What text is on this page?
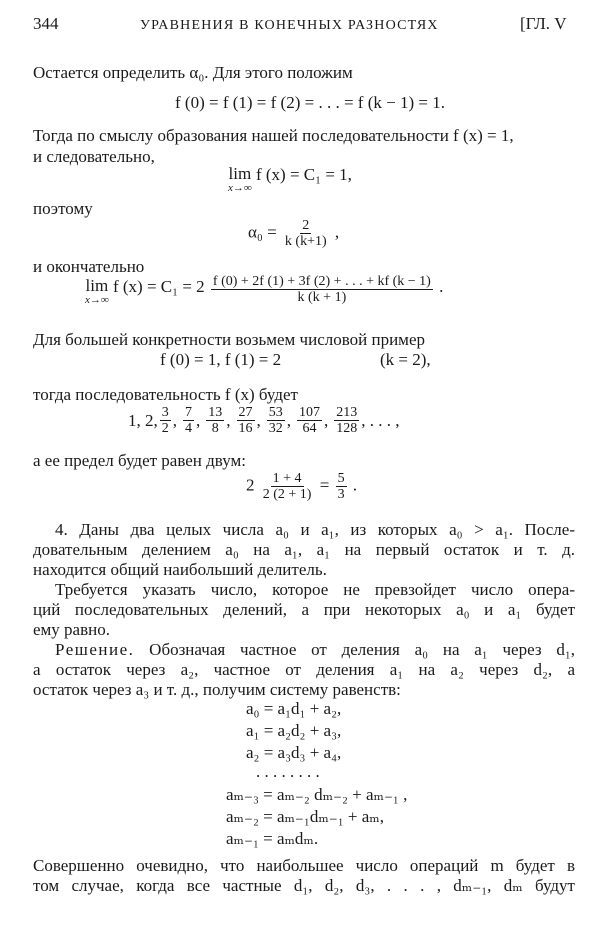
344	УРАВНЕНИЯ В КОНЕЧНЫХ РАЗНОСТЯХ	[ГЛ. V
Остается определить α₀. Для этого положим
f (0) = f (1) = f (2) = . . . = f (k − 1) = 1.
Тогда по смыслу образования нашей последовательности f (x) = 1,
и следовательно,
lim
x→∞
f (x) = C₁ = 1,
поэтому
$\alpha_0 = \frac{2}{k (k+1)}$ ,
и окончательно
lim
x→∞
f $(x) = C_1 = 2 \frac{f (0) + 2f (1) + 3f (2) + . . . + kf (k - 1)}{k (k + 1)}$ .
Для большей конкретности возьмем числовой пример
f (0) = 1, f (1) = 2	(k = 2),
тогда последовательность f (x) будет
1, 2, $\frac{3}{2}$ , $\frac{7}{4}$ , $\frac{13}{8}$ , $\frac{27}{16}$ , $\frac{53}{32}$ , $\frac{107}{64}$ , $\frac{213}{128}$ , . . . ,
а ее предел будет равен двум:
$2 \frac{1 + 4}{2 (2 + 1)} = \frac{5}{3}$ .
4. Даны два целых числа a₀ и a₁, из которых a₀ > a₁. После-
довательным делением a₀ на a₁, a₁ на первый остаток и т. д.
находится общий наибольший делитель.
Требуется указать число, которое не превзойдет число опера-
ций последовательных делений, а при некоторых a₀ и a₁ будет
ему равно.
Решение. Обозначая частное от деления a₀ на a₁ через d₁,
а остаток через a₂, частное от деления a₁ на a₂ через d₂, а
остаток через a₃ и т. д., получим систему равенств:
a₀ = a₁d₁ + a₂,
a₁ = a₂d₂ + a₃,
a₂ = a₃d₃ + a₄,
. . . . . . . .
aₘ₋₃ = aₘ₋₂ dₘ₋₂ + aₘ₋₁ ,
aₘ₋₂ = aₘ₋₁dₘ₋₁ + aₘ,
aₘ₋₁ = aₘdₘ.
Совершенно очевидно, что наибольшее число операций m будет в
том случае, когда все частные d₁, d₂, d₃, . . . , dₘ₋₁, dₘ будут
